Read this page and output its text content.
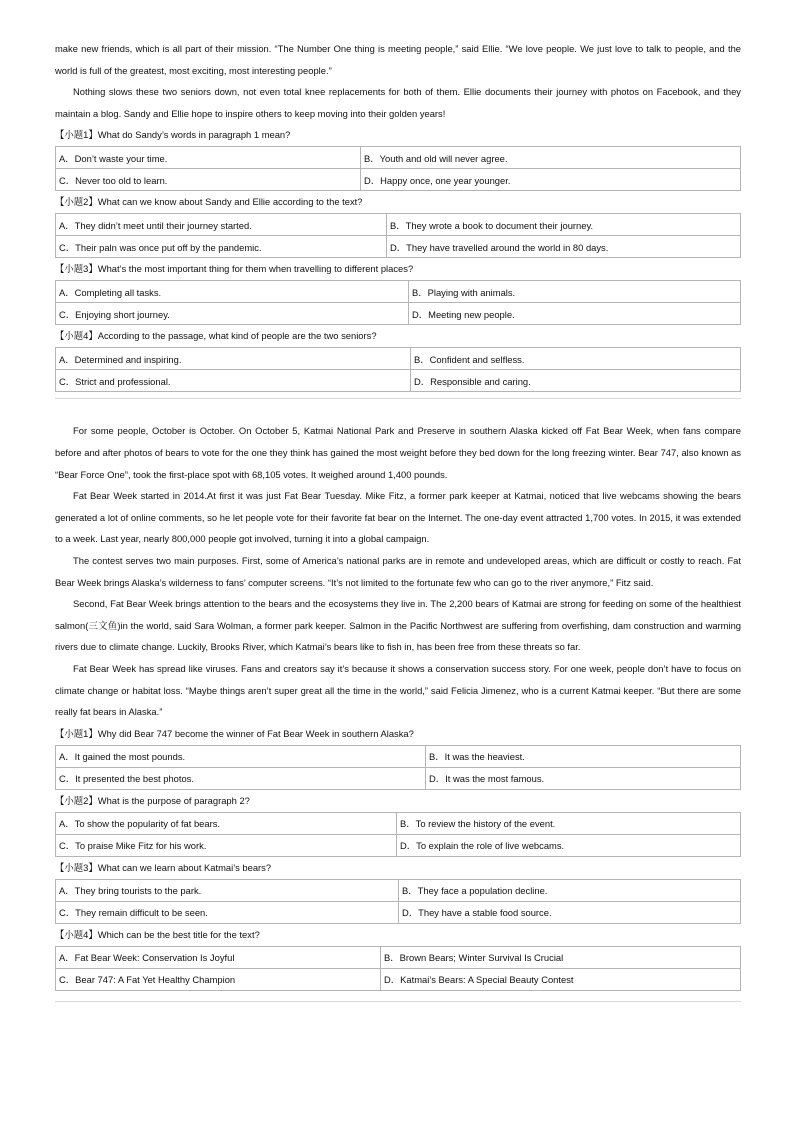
make new friends, which is all part of their mission. “The Number One thing is meeting people,” said Ellie. “We love people. We just love to talk to people, and the world is full of the greatest, most exciting, most interesting people.”

Nothing slows these two seniors down, not even total knee replacements for both of them. Ellie documents their journey with photos on Facebook, and they maintain a blog. Sandy and Ellie hope to inspire others to keep moving into their golden years!

【小题1】What do Sandy’s words in paragraph 1 mean?
A．Don’t waste your time.	B．Youth and old will never agree.
C．Never too old to learn.	D．Happy once, one year younger.
【小题2】What can we know about Sandy and Ellie according to the text?
A．They didn’t meet until their journey started.	B．They wrote a book to document their journey.
C．Their paln was once put off by the pandemic.	D．They have travelled around the world in 80 days.
【小题3】What’s the most important thing for them when travelling to different places?
A．Completing all tasks.	B．Playing with animals.
C．Enjoying short journey.	D．Meeting new people.
【小题4】According to the passage, what kind of people are the two seniors?
A．Determined and inspiring.	B．Confident and selfless.
C．Strict and professional.	D．Responsible and caring.

For some people, October is October. On October 5, Katmai National Park and Preserve in southern Alaska kicked off Fat Bear Week, when fans compare before and after photos of bears to vote for the one they think has gained the most weight before they bed down for the long freezing winter. Bear 747, also known as “Bear Force One”, took the first-place spot with 68,105 votes. It weighed around 1,400 pounds.

Fat Bear Week started in 2014.At first it was just Fat Bear Tuesday. Mike Fitz, a former park keeper at Katmai, noticed that live webcams showing the bears generated a lot of online comments, so he let people vote for their favorite fat bear on the Internet. The one-day event attracted 1,700 votes. In 2015, it was extended to a week. Last year, nearly 800,000 people got involved, turning it into a global campaign.

The contest serves two main purposes. First, some of America’s national parks are in remote and undeveloped areas, which are difficult or costly to reach. Fat Bear Week brings Alaska’s wilderness to fans’ computer screens. “It’s not limited to the fortunate few who can go to the river anymore,” Fitz said.

Second, Fat Bear Week brings attention to the bears and the ecosystems they live in. The 2,200 bears of Katmai are strong for feeding on some of the healthiest salmon(三文鱼)in the world, said Sara Wolman, a former park keeper. Salmon in the Pacific Northwest are suffering from overfishing, dam construction and warming rivers due to climate change. Luckily, Brooks River, which Katmai’s bears like to fish in, has been free from these threats so far.

Fat Bear Week has spread like viruses. Fans and creators say it’s because it shows a conservation success story. For one week, people don’t have to focus on climate change or habitat loss. “Maybe things aren’t super great all the time in the world,” said Felicia Jimenez, who is a current Katmai keeper. “But there are some really fat bears in Alaska.”

【小题1】Why did Bear 747 become the winner of Fat Bear Week in southern Alaska?
A．It gained the most pounds.	B．It was the heaviest.
C．It presented the best photos.	D．It was the most famous.
【小题2】What is the purpose of paragraph 2?
A．To show the popularity of fat bears.	B．To review the history of the event.
C．To praise Mike Fitz for his work.	D．To explain the role of live webcams.
【小题3】What can we learn about Katmai’s bears?
A．They bring tourists to the park.	B．They face a population decline.
C．They remain difficult to be seen.	D．They have a stable food source.
【小题4】Which can be the best title for the text?
A．Fat Bear Week: Conservation Is Joyful	B．Brown Bears; Winter Survival Is Crucial
C．Bear 747: A Fat Yet Healthy Champion	D．Katmai’s Bears: A Special Beauty Contest
